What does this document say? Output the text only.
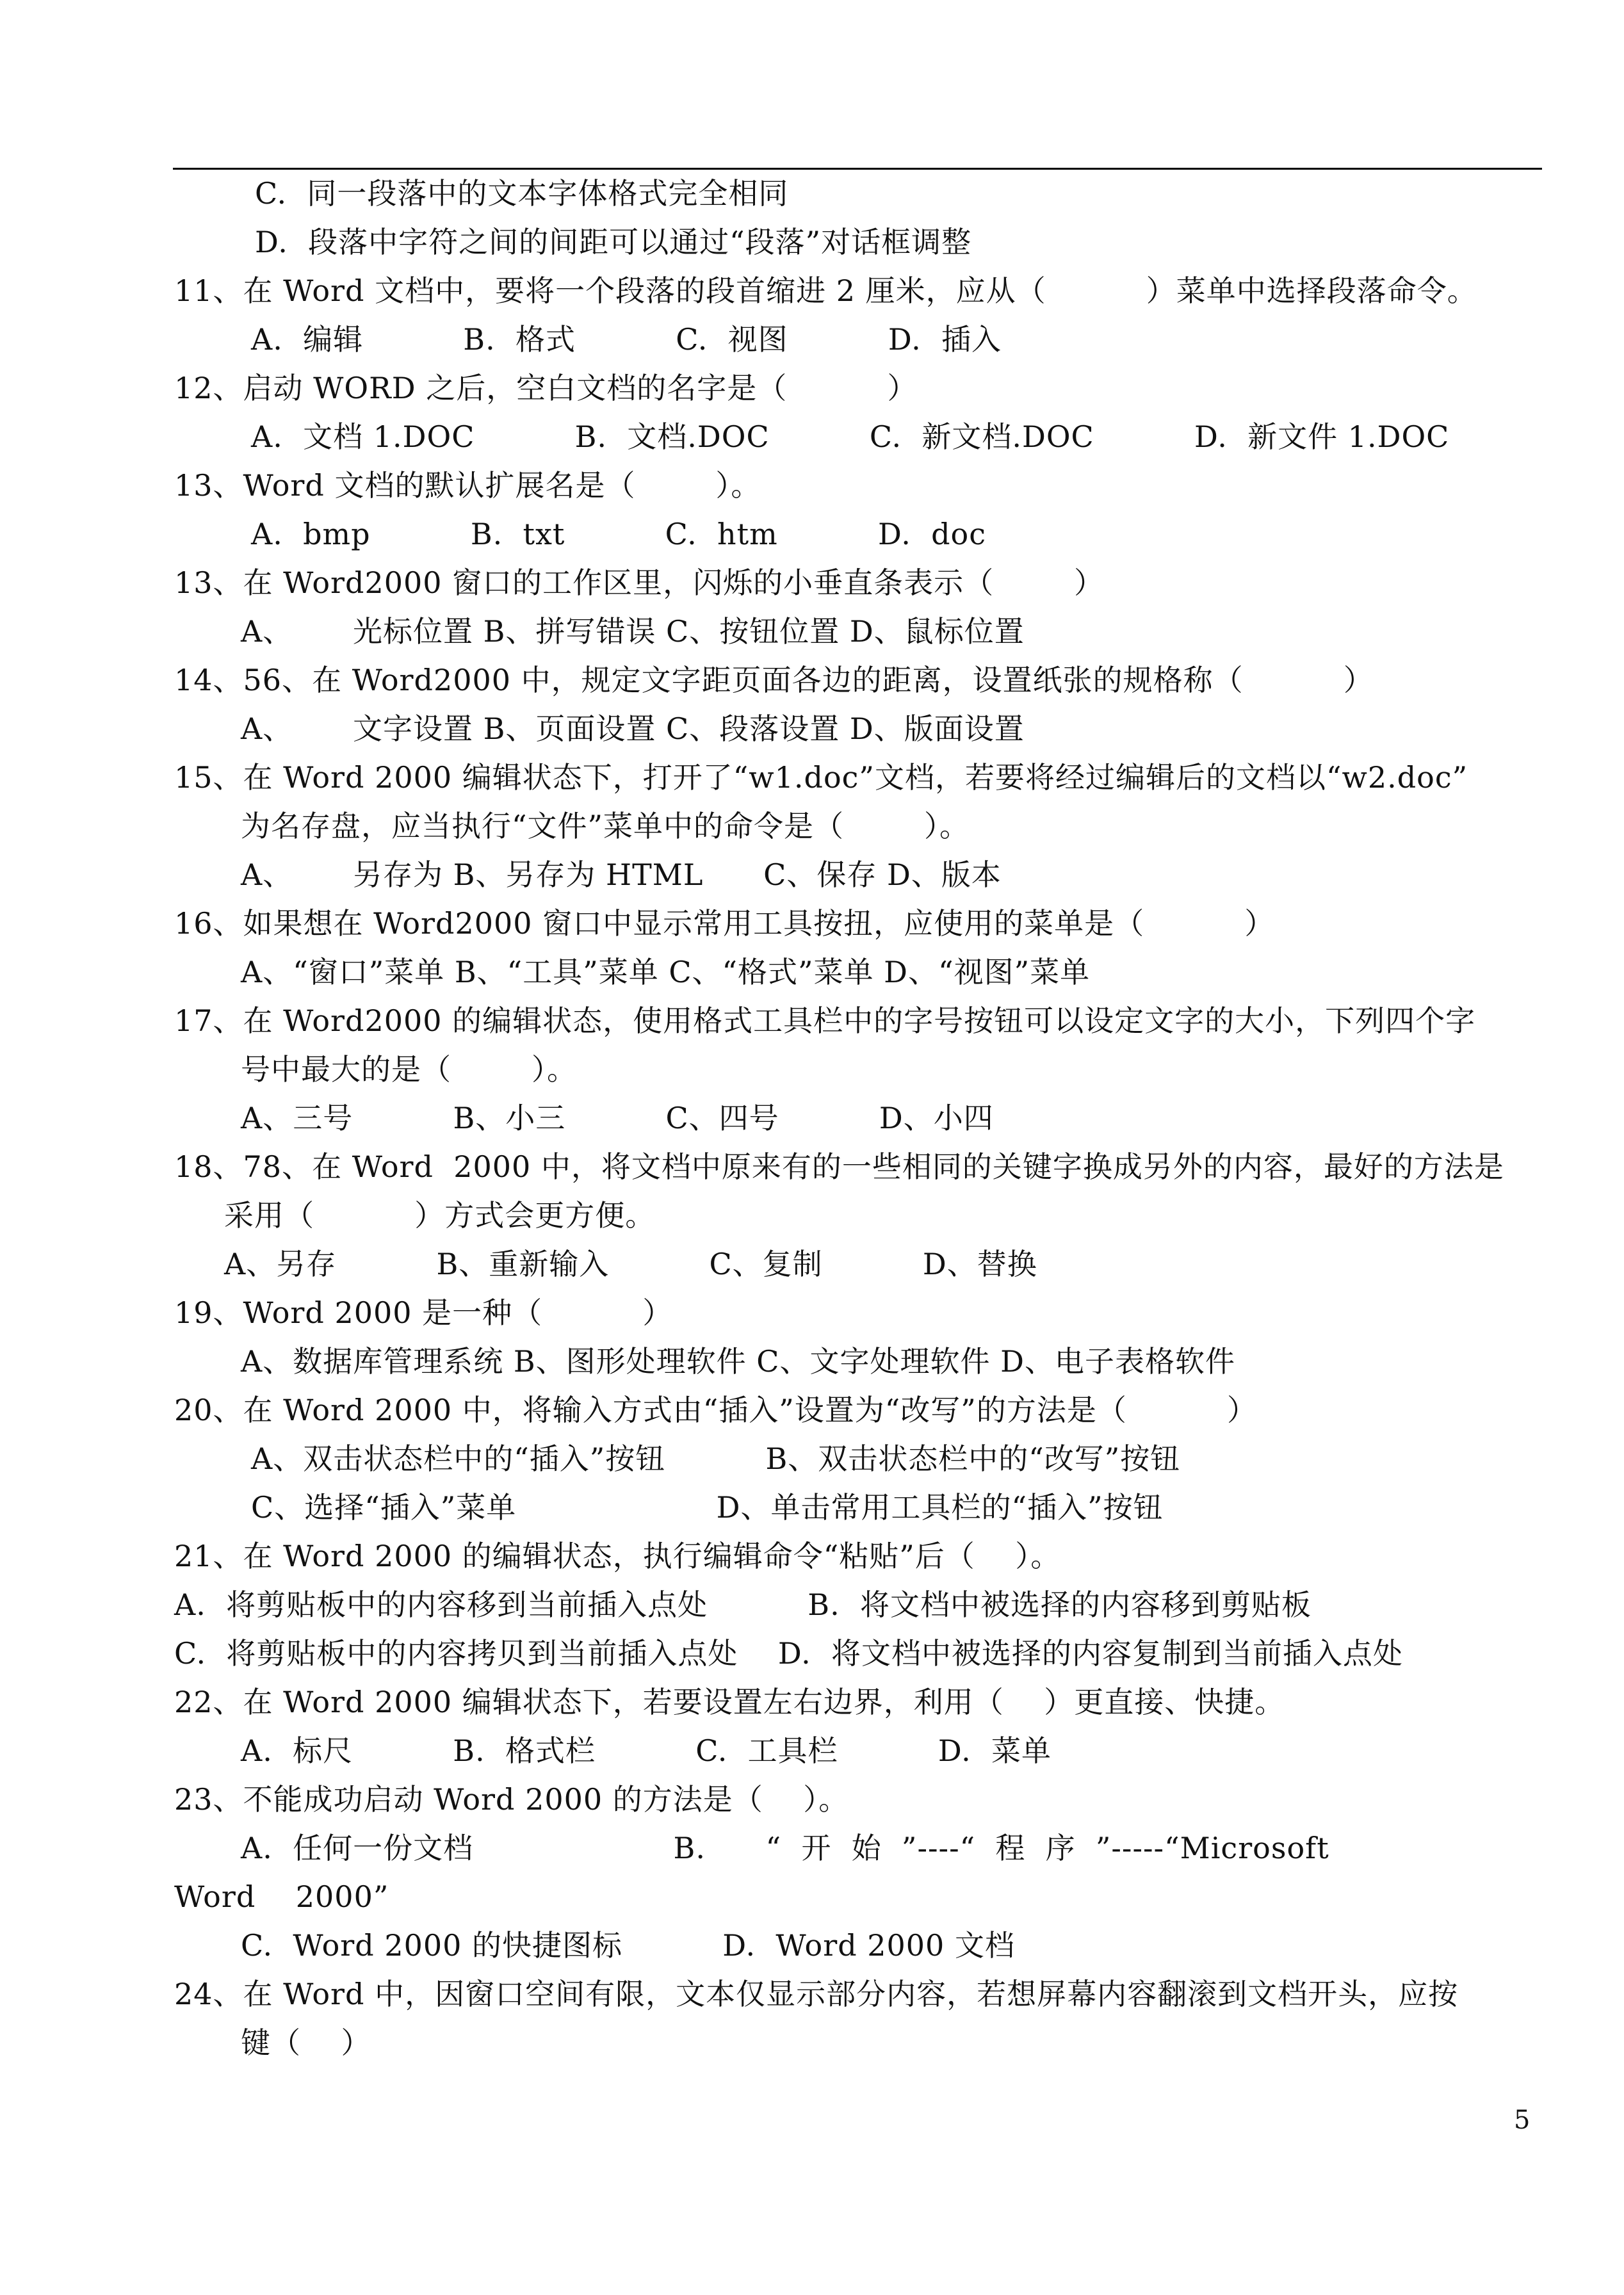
C.  同一段落中的文本字体格式完全相同
D.  段落中字符之间的间距可以通过“段落”对话框调整
11、在 Word 文档中，要将一个段落的段首缩进 2 厘米，应从（          ）菜单中选择段落命令。
A.  编辑          B.  格式          C.  视图          D.  插入
12、启动 WORD 之后，空白文档的名字是（          ）
A.  文档 1.DOC          B.  文档.DOC          C.  新文档.DOC          D.  新文件 1.DOC
13、Word 文档的默认扩展名是（        ）。
A.  bmp          B.  txt          C.  htm          D.  doc
13、在 Word2000 窗口的工作区里，闪烁的小垂直条表示（        ）
A、      光标位置 B、拼写错误 C、按钮位置 D、鼠标位置
14、56、在 Word2000 中，规定文字距页面各边的距离，设置纸张的规格称（          ）
A、      文字设置 B、页面设置 C、段落设置 D、版面设置
15、在 Word 2000 编辑状态下，打开了“w1.doc”文档，若要将经过编辑后的文档以“w2.doc”
为名存盘，应当执行“文件”菜单中的命令是（        ）。
A、      另存为 B、另存为 HTML      C、保存 D、版本
16、如果想在 Word2000 窗口中显示常用工具按扭，应使用的菜单是（          ）
A、“窗口”菜单 B、“工具”菜单 C、“格式”菜单 D、“视图”菜单
17、在 Word2000 的编辑状态，使用格式工具栏中的字号按钮可以设定文字的大小，下列四个字
号中最大的是（        ）。
A、三号          B、小三          C、四号          D、小四
18、78、在 Word  2000 中，将文档中原来有的一些相同的关键字换成另外的内容，最好的方法是
采用（          ）方式会更方便。
A、另存          B、重新输入          C、复制          D、替换
19、Word 2000 是一种（          ）
A、数据库管理系统 B、图形处理软件 C、文字处理软件 D、电子表格软件
20、在 Word 2000 中，将输入方式由“插入”设置为“改写”的方法是（          ）
A、双击状态栏中的“插入”按钮          B、双击状态栏中的“改写”按钮
C、选择“插入”菜单                    D、单击常用工具栏的“插入”按钮
21、在 Word 2000 的编辑状态，执行编辑命令“粘贴”后（    ）。
A.  将剪贴板中的内容移到当前插入点处          B.  将文档中被选择的内容移到剪贴板
C.  将剪贴板中的内容拷贝到当前插入点处    D.  将文档中被选择的内容复制到当前插入点处
22、在 Word 2000 编辑状态下，若要设置左右边界，利用（    ）更直接、快捷。
A.  标尺          B.  格式栏          C.  工具栏          D.  菜单
23、不能成功启动 Word 2000 的方法是（    ）。
A.  任何一份文档                    B.      “  开  始  ”----“  程  序  ”-----“Microsoft
Word    2000”
C.  Word 2000 的快捷图标          D.  Word 2000 文档
24、在 Word 中，因窗口空间有限，文本仅显示部分内容，若想屏幕内容翻滚到文档开头，应按
键（    ）
5
